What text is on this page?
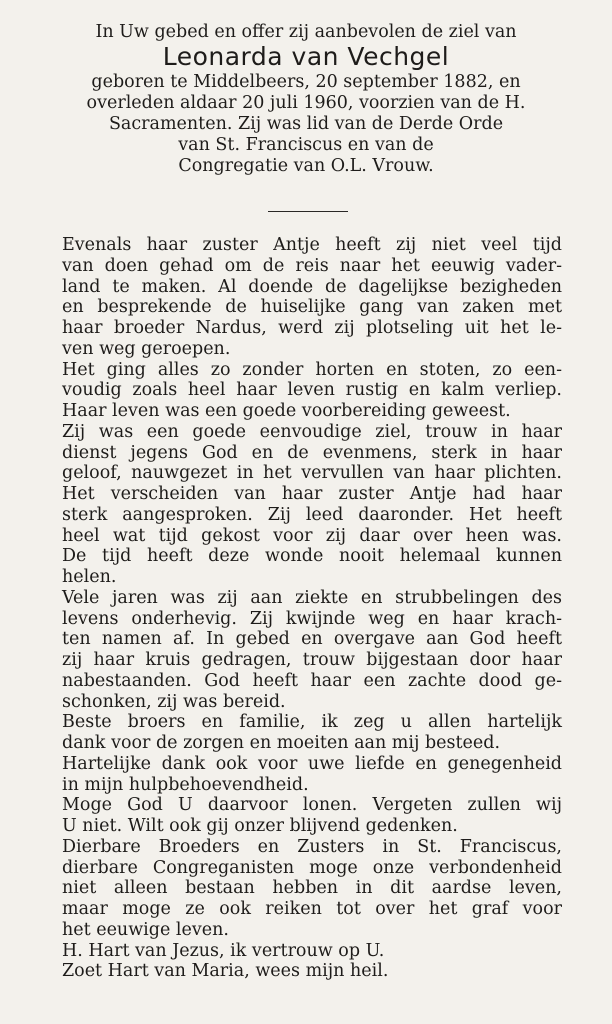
In Uw gebed en offer zij aanbevolen de ziel van
Leonarda van Vechgel
geboren te Middelbeers, 20 september 1882, en
overleden aldaar 20 juli 1960, voorzien van de H.
Sacramenten. Zij was lid van de Derde Orde
van St. Franciscus en van de
Congregatie van O.L. Vrouw.
Evenals haar zuster Antje heeft zij niet veel tijd
van doen gehad om de reis naar het eeuwig vader-
land te maken. Al doende de dagelijkse bezigheden
en besprekende de huiselijke gang van zaken met
haar broeder Nardus, werd zij plotseling uit het le-
ven weg geroepen.
Het ging alles zo zonder horten en stoten, zo een-
voudig zoals heel haar leven rustig en kalm verliep.
Haar leven was een goede voorbereiding geweest.
Zij was een goede eenvoudige ziel, trouw in haar
dienst jegens God en de evenmens, sterk in haar
geloof, nauwgezet in het vervullen van haar plichten.
Het verscheiden van haar zuster Antje had haar
sterk aangesproken. Zij leed daaronder. Het heeft
heel wat tijd gekost voor zij daar over heen was.
De tijd heeft deze wonde nooit helemaal kunnen
helen.
Vele jaren was zij aan ziekte en strubbelingen des
levens onderhevig. Zij kwijnde weg en haar krach-
ten namen af. In gebed en overgave aan God heeft
zij haar kruis gedragen, trouw bijgestaan door haar
nabestaanden. God heeft haar een zachte dood ge-
schonken, zij was bereid.
Beste broers en familie, ik zeg u allen hartelijk
dank voor de zorgen en moeiten aan mij besteed.
Hartelijke dank ook voor uwe liefde en genegenheid
in mijn hulpbehoevendheid.
Moge God U daarvoor lonen. Vergeten zullen wij
U niet. Wilt ook gij onzer blijvend gedenken.
Dierbare Broeders en Zusters in St. Franciscus,
dierbare Congreganisten moge onze verbondenheid
niet alleen bestaan hebben in dit aardse leven,
maar moge ze ook reiken tot over het graf voor
het eeuwige leven.
H. Hart van Jezus, ik vertrouw op U.
Zoet Hart van Maria, wees mijn heil.
